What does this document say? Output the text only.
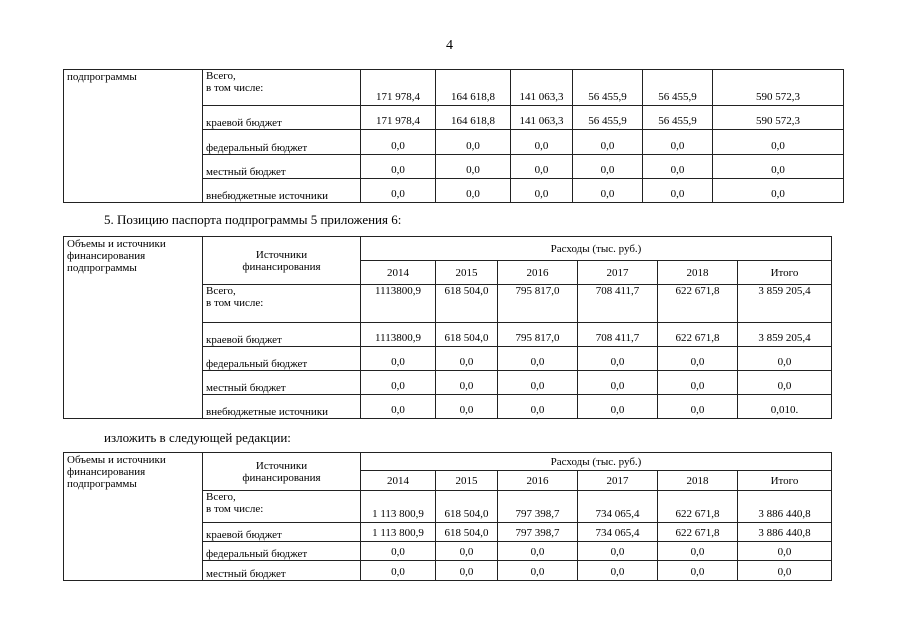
4
подпрограммы	Всего,
в том числе:	171 978,4	164 618,8	141 063,3	56 455,9	56 455,9	590 572,3
	краевой бюджет	171 978,4	164 618,8	141 063,3	56 455,9	56 455,9	590 572,3
	федеральный бюджет	0,0	0,0	0,0	0,0	0,0	0,0
	местный бюджет	0,0	0,0	0,0	0,0	0,0	0,0
	внебюджетные источники	0,0	0,0	0,0	0,0	0,0	0,0
5. Позицию паспорта подпрограммы 5 приложения 6:
Объемы и источники
финансирования
подпрограммы	Источники
финансирования	Расходы (тыс. руб.)					
		2014	2015	2016	2017	2018	Итого

	Всего,
в том числе:	1113800,9	618 504,0	795 817,0	708 411,7	622 671,8	3 859 205,4
	краевой бюджет	1113800,9	618 504,0	795 817,0	708 411,7	622 671,8	3 859 205,4
	федеральный бюджет	0,0	0,0	0,0	0,0	0,0	0,0
	местный бюджет	0,0	0,0	0,0	0,0	0,0	0,0
	внебюджетные источники	0,0	0,0	0,0	0,0	0,0	0,010.
изложить в следующей редакции:
Объемы и источники
финансирования
подпрограммы	Источники
финансирования	Расходы (тыс. руб.)					
		2014	2015	2016	2017	2018	Итого

	Всего,
в том числе:	1 113 800,9	618 504,0	797 398,7	734 065,4	622 671,8	3 886 440,8
	краевой бюджет	1 113 800,9	618 504,0	797 398,7	734 065,4	622 671,8	3 886 440,8
	федеральный бюджет	0,0	0,0	0,0	0,0	0,0	0,0
	местный бюджет	0,0	0,0	0,0	0,0	0,0	0,0
